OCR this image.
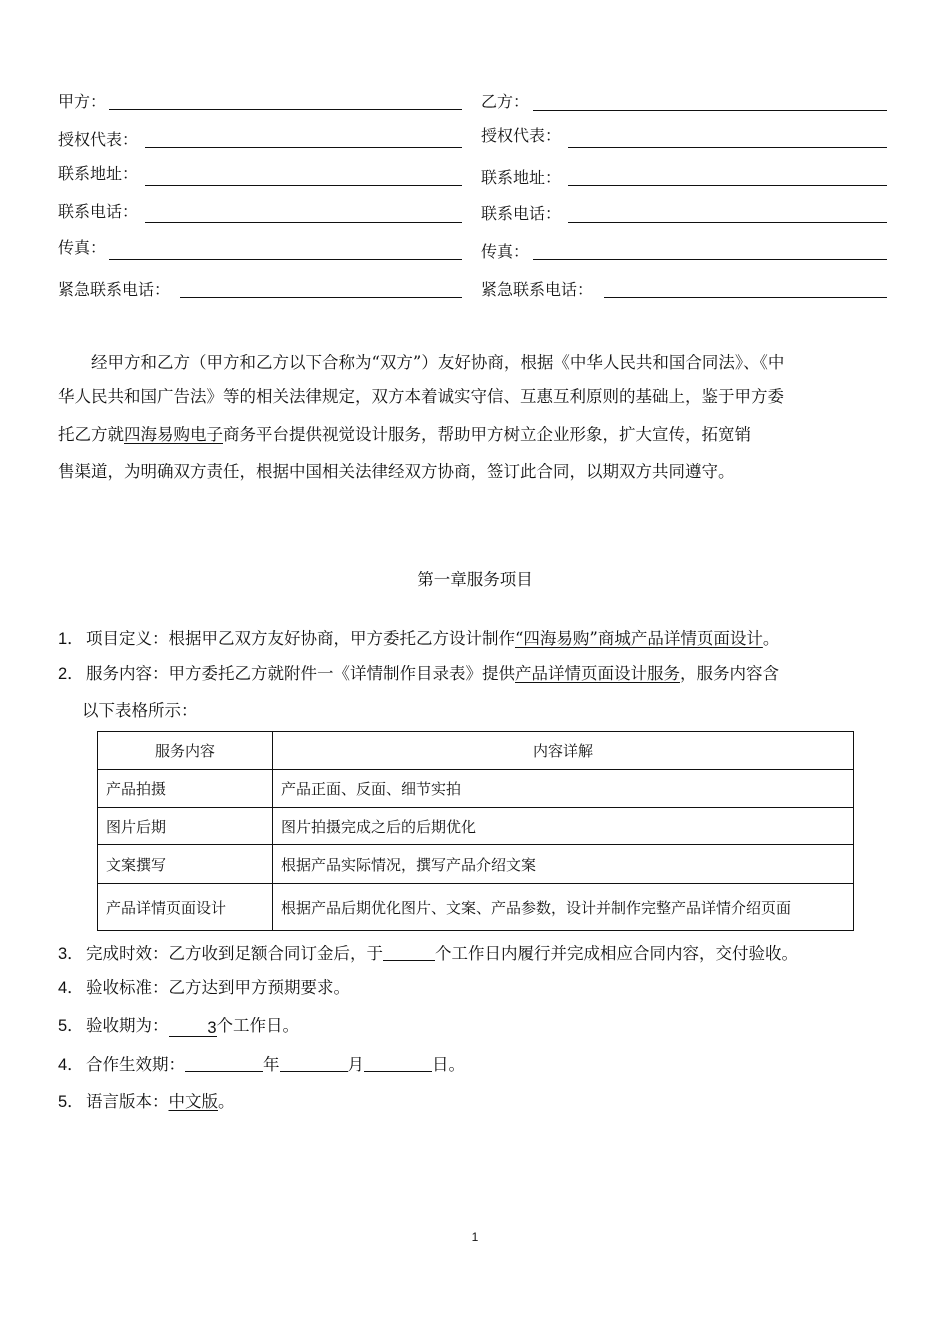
甲方：
授权代表：
联系地址：
联系电话：
传真：
紧急联系电话：
乙方：
授权代表：
联系地址：
联系电话：
传真：
紧急联系电话：
经甲方和乙方（甲方和乙方以下合称为“双方”）友好协商，根据《中华人民共和国合同法》、《中
华人民共和国广告法》等的相关法律规定，双方本着诚实守信、互惠互利原则的基础上，鉴于甲方委
托乙方就四海易购电子商务平台提供视觉设计服务，帮助甲方树立企业形象，扩大宣传，拓宽销
售渠道，为明确双方责任，根据中国相关法律经双方协商，签订此合同，以期双方共同遵守。
第一章服务项目
1． 项目定义：根据甲乙双方友好协商，甲方委托乙方设计制作“四海易购”商城产品详情页面设计。
2． 服务内容：甲方委托乙方就附件一《详情制作目录表》提供产品详情页面设计服务，服务内容含
以下表格所示：
服务内容	内容详解
产品拍摄	产品正面、反面、细节实拍
图片后期	图片拍摄完成之后的后期优化
文案撰写	根据产品实际情况，撰写产品介绍文案
产品详情页面设计	根据产品后期优化图片、文案、产品参数，设计并制作完整产品详情介绍页面
3． 完成时效：乙方收到足额合同订金后，于	个工作日内履行并完成相应合同内容，交付验收。
4． 验收标准：乙方达到甲方预期要求。
5． 验收期为： 3个工作日。
4． 合作生效期：	年	月	日。
5． 语言版本：中文版。
1
